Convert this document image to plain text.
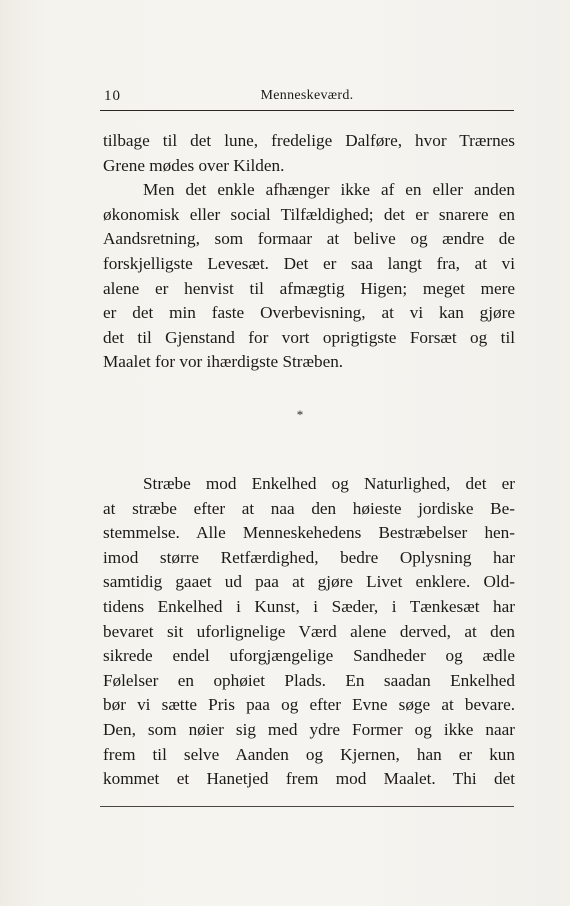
10	Menneskeværd.
tilbage til det lune, fredelige Dalføre, hvor Trærnes
Grene mødes over Kilden.
Men det enkle afhænger ikke af en eller anden
økonomisk eller social Tilfældighed; det er snarere en
Aandsretning, som formaar at belive og ændre de
forskjelligste Levesæt. Det er saa langt fra, at vi
alene er henvist til afmægtig Higen; meget mere
er det min faste Overbevisning, at vi kan gjøre
det til Gjenstand for vort oprigtigste Forsæt og til
Maalet for vor ihærdigste Stræben.
*
Stræbe mod Enkelhed og Naturlighed, det er
at stræbe efter at naa den høieste jordiske Be-
stemmelse. Alle Menneskehedens Bestræbelser hen-
imod større Retfærdighed, bedre Oplysning har
samtidig gaaet ud paa at gjøre Livet enklere. Old-
tidens Enkelhed i Kunst, i Sæder, i Tænkesæt har
bevaret sit uforlignelige Værd alene derved, at den
sikrede endel uforgjængelige Sandheder og ædle
Følelser en ophøiet Plads. En saadan Enkelhed
bør vi sætte Pris paa og efter Evne søge at bevare.
Den, som nøier sig med ydre Former og ikke naar
frem til selve Aanden og Kjernen, han er kun
kommet et Hanetjed frem mod Maalet. Thi det
